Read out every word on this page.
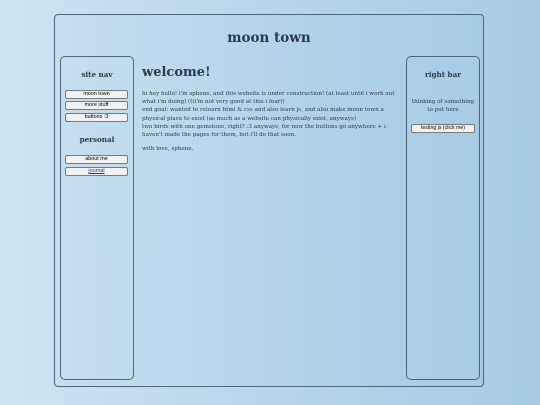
moon town
site nav
moon town
more stuff
buttons :3
personal
about me
journal
welcome!

hi hey hello! i'm sphene, and this website is under construction! (at least until i work out what i'm doing) (((i'm not very good at this i fear))
end goal: wanted to relearn html & css and also learn js, and also make moon town a physical place to exist (as much as a website can physically exist, anyways)
two birds with one gemstone, right? :3 anyways, for now the buttons go anywhere + i haven't made the pages for them, but i'll do that soon.

with love, sphene.

right bar

thinking of something to put here

testing js (click me)
